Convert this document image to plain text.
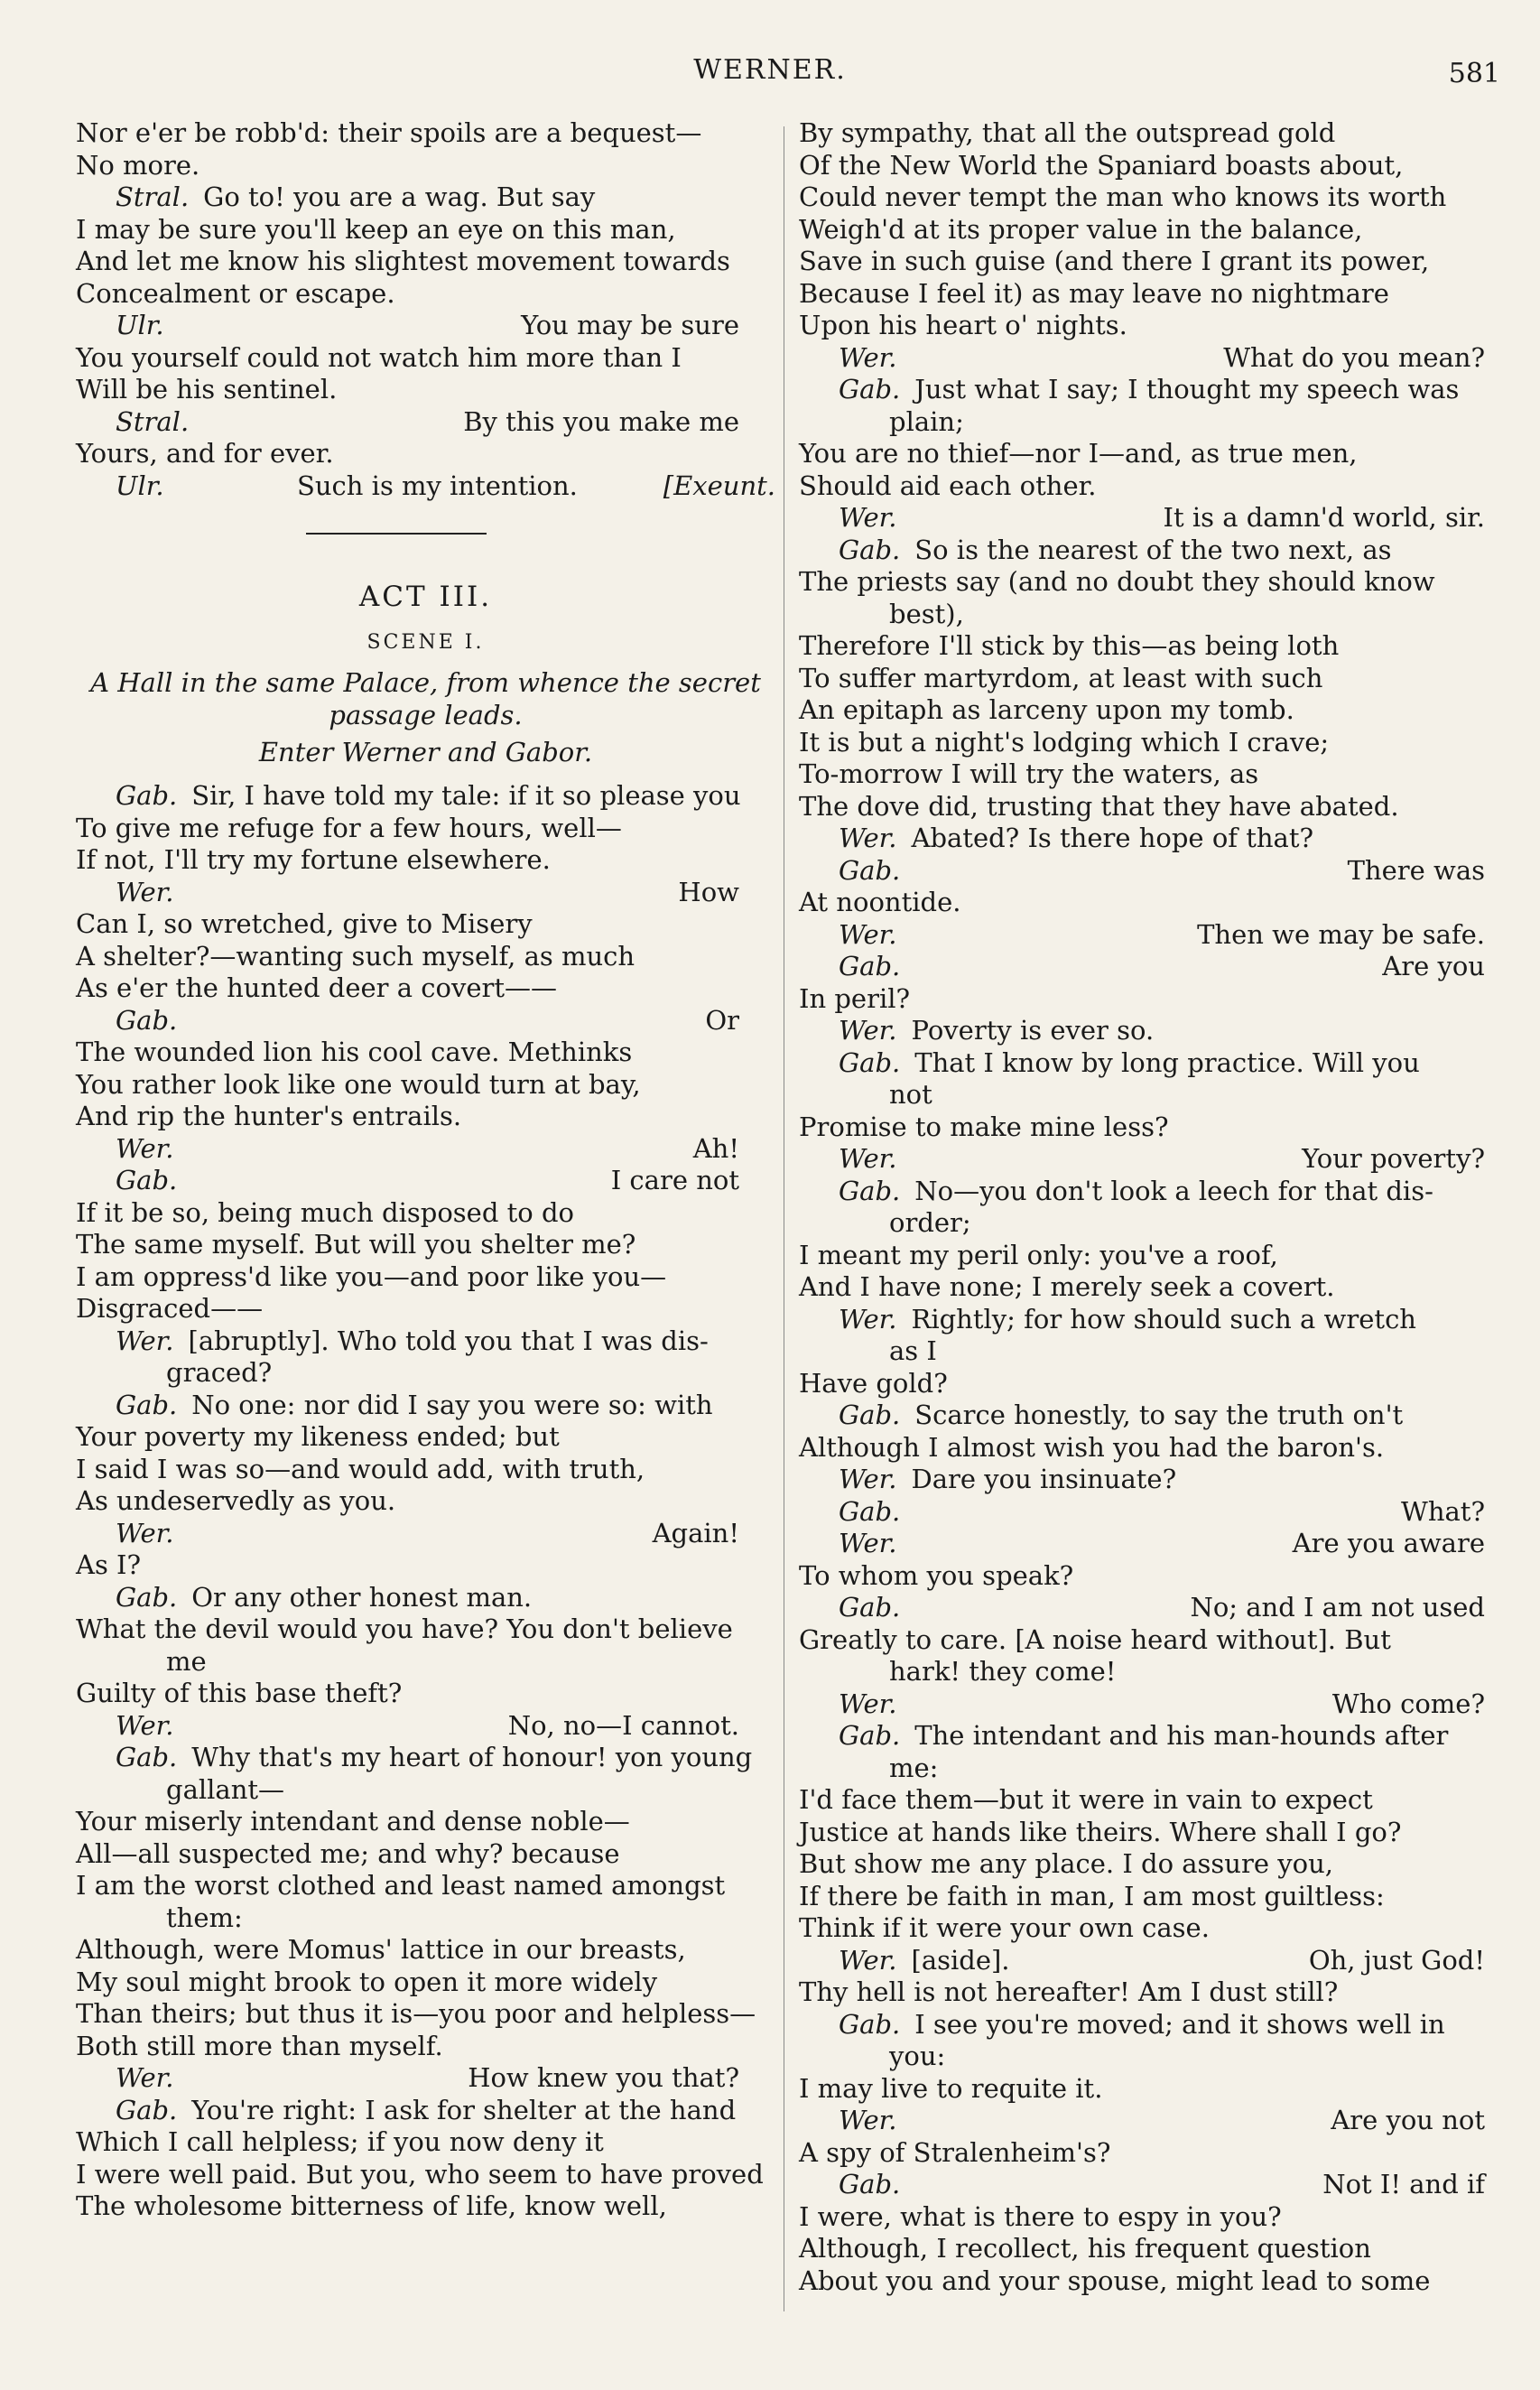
WERNER.	581
Nor e'er be robb'd: their spoils are a bequest—
No more.
Stral. Go to! you are a wag. But say
I may be sure you'll keep an eye on this man,
And let me know his slightest movement towards
Concealment or escape.
Ulr.	You may be sure
You yourself could not watch him more than I
Will be his sentinel.
Stral.	By this you make me
Yours, and for ever.
Ulr.	Such is my intention.	[Exeunt.
ACT III.
SCENE I.
A Hall in the same Palace, from whence the secret
passage leads.
Enter Werner and Gabor.
Gab. Sir, I have told my tale: if it so please you
To give me refuge for a few hours, well—
If not, I'll try my fortune elsewhere.
Wer.	How
Can I, so wretched, give to Misery
A shelter?—wanting such myself, as much
As e'er the hunted deer a covert——
Gab.	Or
The wounded lion his cool cave. Methinks
You rather look like one would turn at bay,
And rip the hunter's entrails.
Wer.	Ah!
Gab.	I care not
If it be so, being much disposed to do
The same myself. But will you shelter me?
I am oppress'd like you—and poor like you—
Disgraced——
Wer. [abruptly]. Who told you that I was dis-
graced?
Gab. No one: nor did I say you were so: with
Your poverty my likeness ended; but
I said I was so—and would add, with truth,
As undeservedly as you.
Wer.	Again!
As I?
Gab. Or any other honest man.
What the devil would you have? You don't believe
me
Guilty of this base theft?
Wer.	No, no—I cannot.
Gab. Why that's my heart of honour! yon young
gallant—
Your miserly intendant and dense noble—
All—all suspected me; and why? because
I am the worst clothed and least named amongst
them:
Although, were Momus' lattice in our breasts,
My soul might brook to open it more widely
Than theirs; but thus it is—you poor and helpless—
Both still more than myself.
Wer.	How knew you that?
Gab. You're right: I ask for shelter at the hand
Which I call helpless; if you now deny it
I were well paid. But you, who seem to have proved
The wholesome bitterness of life, know well,
By sympathy, that all the outspread gold
Of the New World the Spaniard boasts about,
Could never tempt the man who knows its worth
Weigh'd at its proper value in the balance,
Save in such guise (and there I grant its power,
Because I feel it) as may leave no nightmare
Upon his heart o' nights.
Wer.	What do you mean?
Gab. Just what I say; I thought my speech was
plain;
You are no thief—nor I—and, as true men,
Should aid each other.
Wer.	It is a damn'd world, sir.
Gab. So is the nearest of the two next, as
The priests say (and no doubt they should know
best),
Therefore I'll stick by this—as being loth
To suffer martyrdom, at least with such
An epitaph as larceny upon my tomb.
It is but a night's lodging which I crave;
To-morrow I will try the waters, as
The dove did, trusting that they have abated.
Wer. Abated? Is there hope of that?
Gab.	There was
At noontide.
Wer.	Then we may be safe.
Gab.	Are you
In peril?
Wer. Poverty is ever so.
Gab. That I know by long practice. Will you
not
Promise to make mine less?
Wer.	Your poverty?
Gab. No—you don't look a leech for that dis-
order;
I meant my peril only: you've a roof,
And I have none; I merely seek a covert.
Wer. Rightly; for how should such a wretch
as I
Have gold?
Gab. Scarce honestly, to say the truth on't
Although I almost wish you had the baron's.
Wer. Dare you insinuate?
Gab.	What?
Wer.	Are you aware
To whom you speak?
Gab.	No; and I am not used
Greatly to care. [A noise heard without]. But
hark! they come!
Wer.	Who come?
Gab. The intendant and his man-hounds after
me:
I'd face them—but it were in vain to expect
Justice at hands like theirs. Where shall I go?
But show me any place. I do assure you,
If there be faith in man, I am most guiltless:
Think if it were your own case.
Wer. [aside].	Oh, just God!
Thy hell is not hereafter! Am I dust still?
Gab. I see you're moved; and it shows well in
you:
I may live to requite it.
Wer.	Are you not
A spy of Stralenheim's?
Gab.	Not I! and if
I were, what is there to espy in you?
Although, I recollect, his frequent question
About you and your spouse, might lead to some
